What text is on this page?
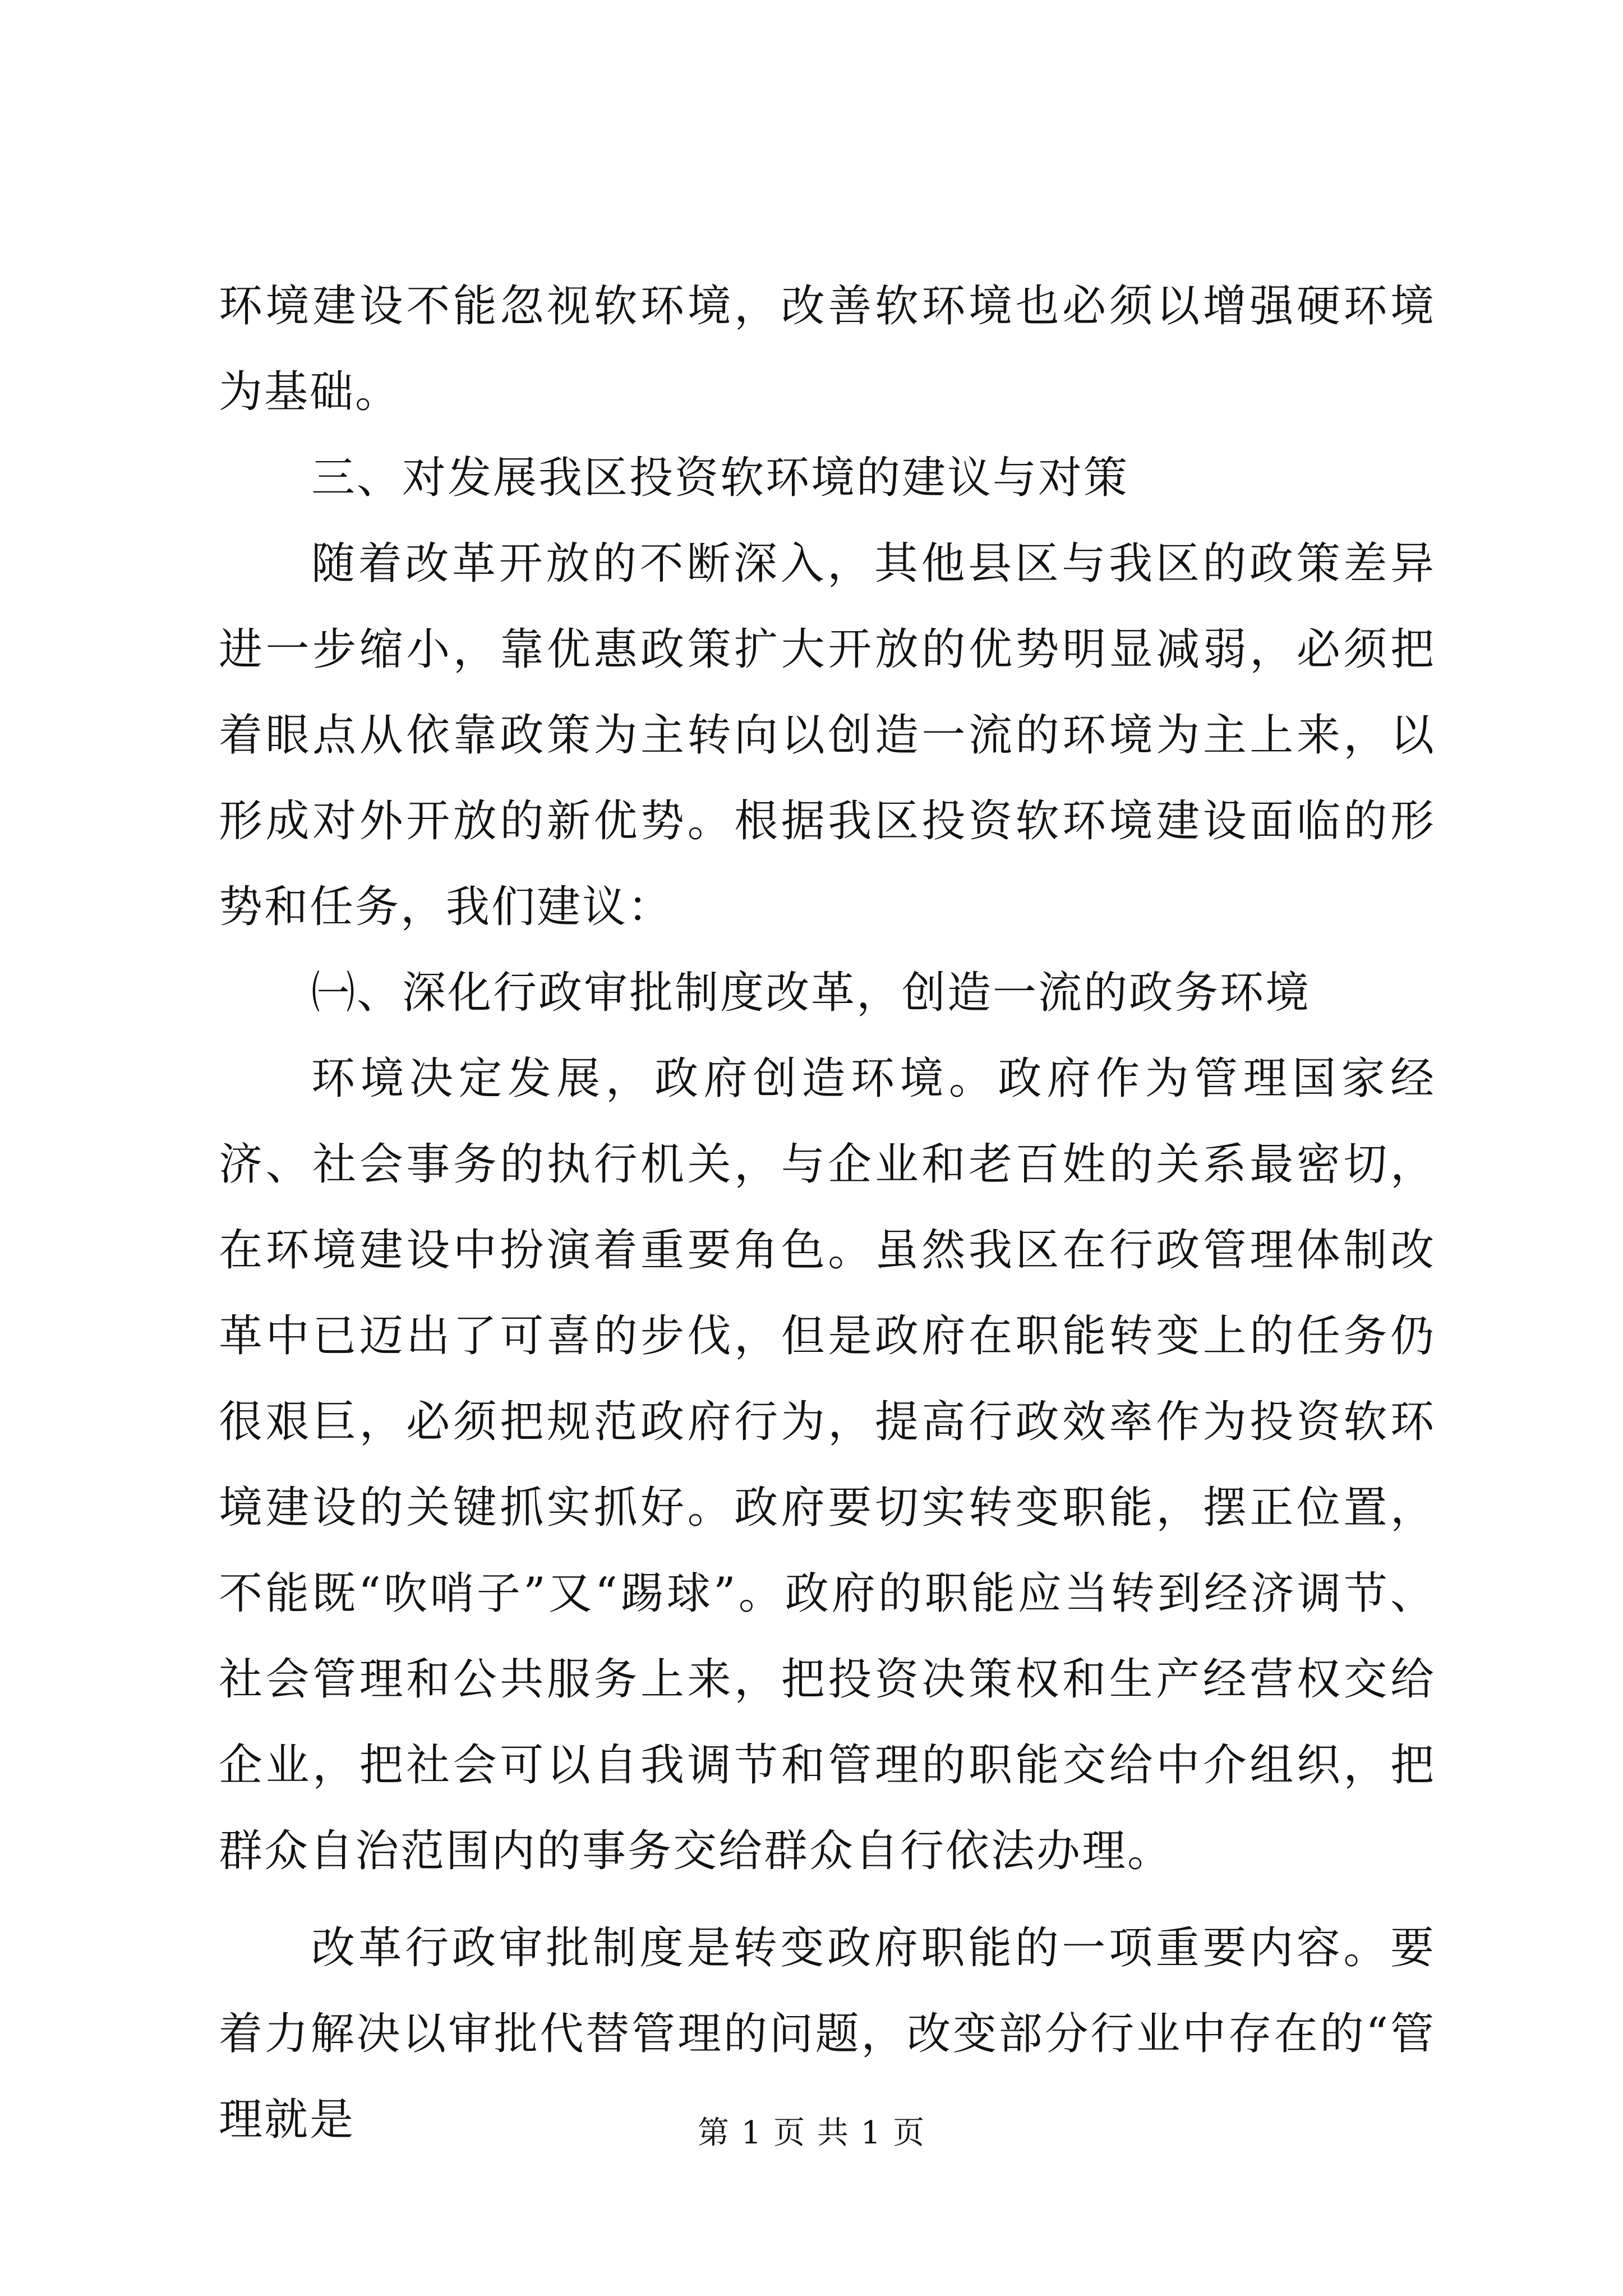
环境建设不能忽视软环境，改善软环境也必须以增强硬环境为基础。

三、对发展我区投资软环境的建议与对策

随着改革开放的不断深入，其他县区与我区的政策差异进一步缩小，靠优惠政策扩大开放的优势明显减弱，必须把着眼点从依靠政策为主转向以创造一流的环境为主上来，以形成对外开放的新优势。根据我区投资软环境建设面临的形势和任务，我们建议：

㈠、深化行政审批制度改革，创造一流的政务环境

环境决定发展，政府创造环境。政府作为管理国家经济、社会事务的执行机关，与企业和老百姓的关系最密切，在环境建设中扮演着重要角色。虽然我区在行政管理体制改革中已迈出了可喜的步伐，但是政府在职能转变上的任务仍很艰巨，必须把规范政府行为，提高行政效率作为投资软环境建设的关键抓实抓好。政府要切实转变职能，摆正位置，不能既“吹哨子”又“踢球”。政府的职能应当转到经济调节、社会管理和公共服务上来，把投资决策权和生产经营权交给企业，把社会可以自我调节和管理的职能交给中介组织，把群众自治范围内的事务交给群众自行依法办理。

改革行政审批制度是转变政府职能的一项重要内容。要着力解决以审批代替管理的问题，改变部分行业中存在的“管理就是	第 1 页 共 1 页
